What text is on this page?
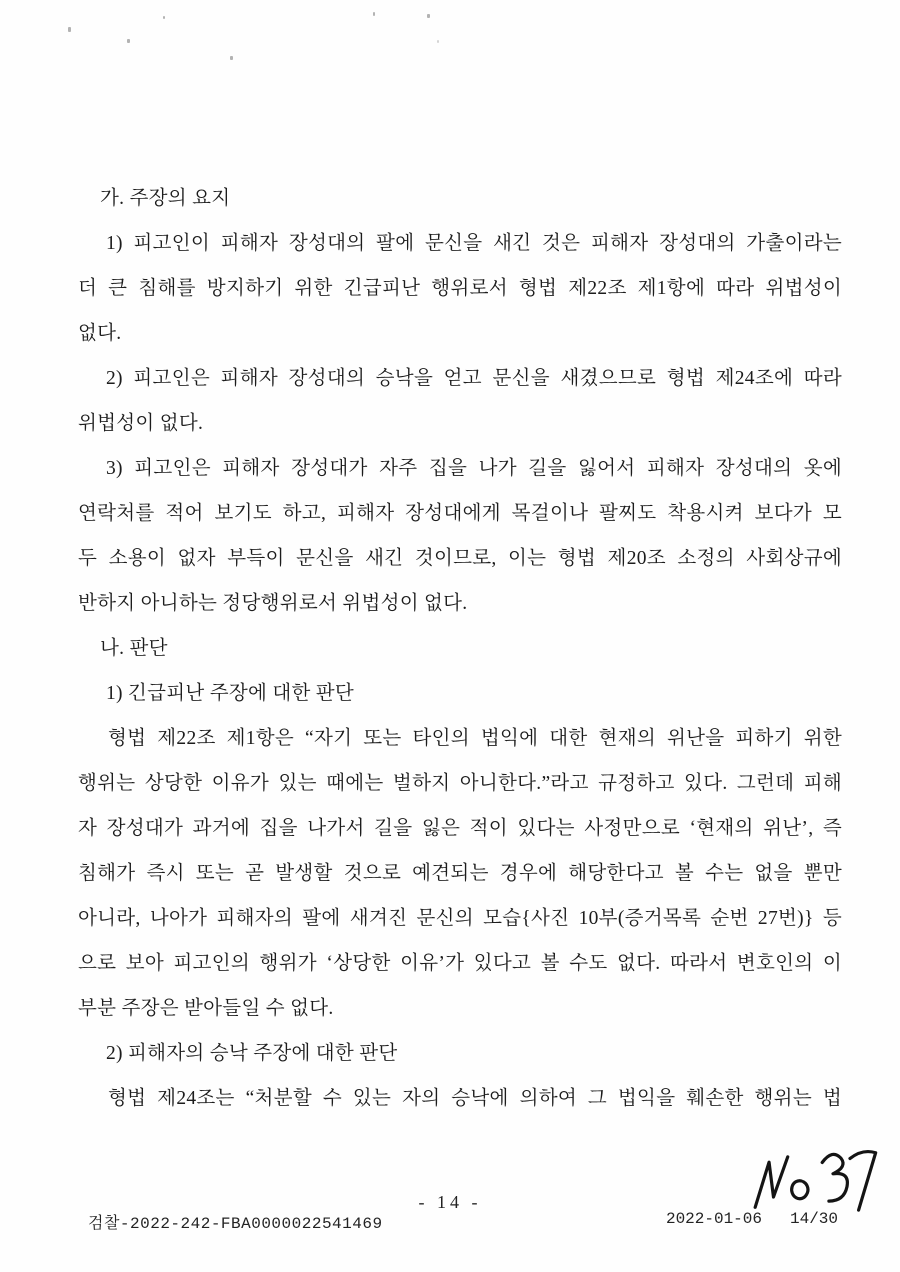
가. 주장의 요지
1) 피고인이 피해자 장성대의 팔에 문신을 새긴 것은 피해자 장성대의 가출이라는
더 큰 침해를 방지하기 위한 긴급피난 행위로서 형법 제22조 제1항에 따라 위법성이
없다.
2) 피고인은 피해자 장성대의 승낙을 얻고 문신을 새겼으므로 형법 제24조에 따라
위법성이 없다.
3) 피고인은 피해자 장성대가 자주 집을 나가 길을 잃어서 피해자 장성대의 옷에
연락처를 적어 보기도 하고, 피해자 장성대에게 목걸이나 팔찌도 착용시켜 보다가 모
두 소용이 없자 부득이 문신을 새긴 것이므로, 이는 형법 제20조 소정의 사회상규에
반하지 아니하는 정당행위로서 위법성이 없다.
나. 판단
1) 긴급피난 주장에 대한 판단
형법 제22조 제1항은 “자기 또는 타인의 법익에 대한 현재의 위난을 피하기 위한
행위는 상당한 이유가 있는 때에는 벌하지 아니한다.”라고 규정하고 있다. 그런데 피해
자 장성대가 과거에 집을 나가서 길을 잃은 적이 있다는 사정만으로 ‘현재의 위난’, 즉
침해가 즉시 또는 곧 발생할 것으로 예견되는 경우에 해당한다고 볼 수는 없을 뿐만
아니라, 나아가 피해자의 팔에 새겨진 문신의 모습{사진 10부(증거목록 순번 27번)} 등
으로 보아 피고인의 행위가 ‘상당한 이유’가 있다고 볼 수도 없다. 따라서 변호인의 이
부분 주장은 받아들일 수 없다.
2) 피해자의 승낙 주장에 대한 판단
형법 제24조는 “처분할 수 있는 자의 승낙에 의하여 그 법익을 훼손한 행위는 법
- 14 -
검찰-2022-242-FBA0000022541469	2022-01-06 14/30
